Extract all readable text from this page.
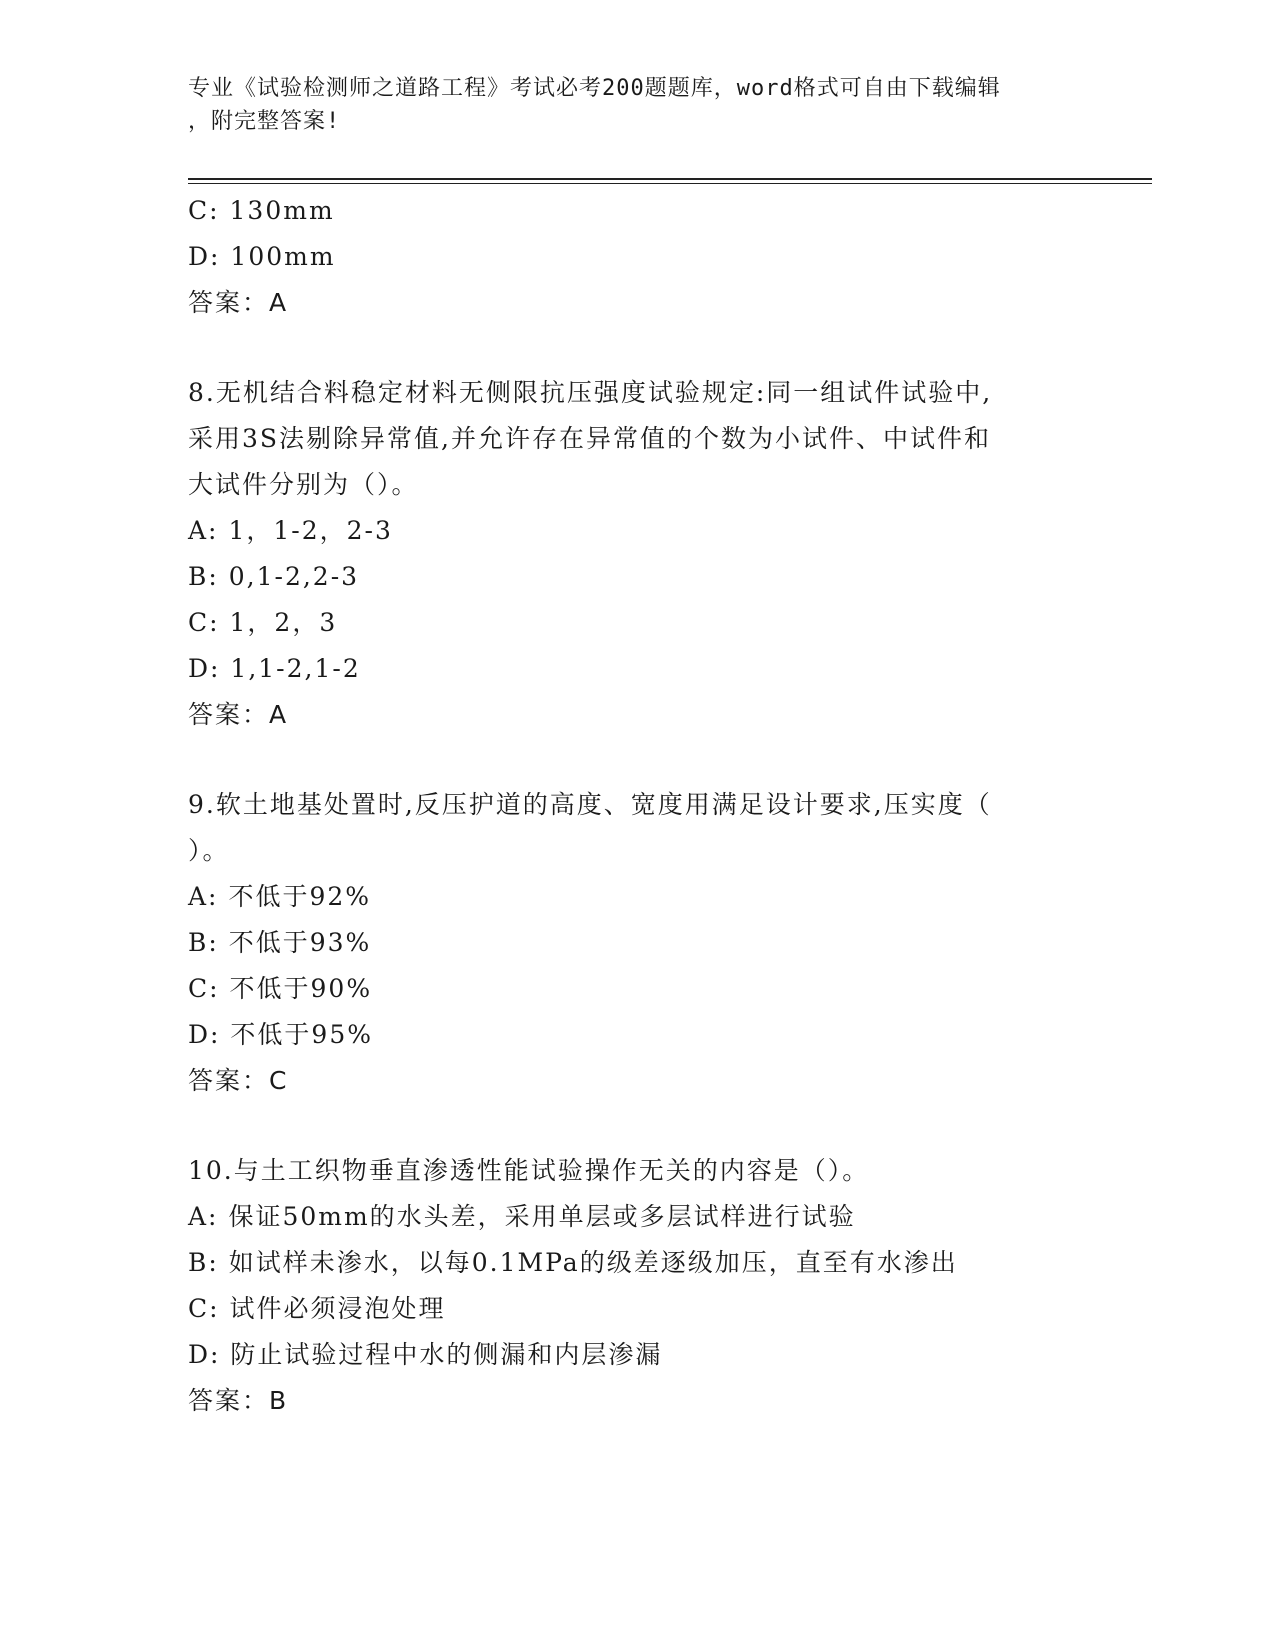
专业《试验检测师之道路工程》考试必考200题题库，word格式可自由下载编辑
，附完整答案!
C: 130mm
D: 100mm
答案：A
8.无机结合料稳定材料无侧限抗压强度试验规定:同一组试件试验中,
采用3S法剔除异常值,并允许存在异常值的个数为小试件、中试件和
大试件分别为（）。
A: 1，1-2，2-3
B: 0,1-2,2-3
C: 1，2，3
D: 1,1-2,1-2
答案：A
9.软土地基处置时,反压护道的高度、宽度用满足设计要求,压实度（
）。
A: 不低于92%
B: 不低于93%
C: 不低于90%
D: 不低于95%
答案：C
10.与土工织物垂直渗透性能试验操作无关的内容是（）。
A: 保证50mm的水头差，采用单层或多层试样进行试验
B: 如试样未渗水，以每0.1MPa的级差逐级加压，直至有水渗出
C: 试件必须浸泡处理
D: 防止试验过程中水的侧漏和内层渗漏
答案：B
